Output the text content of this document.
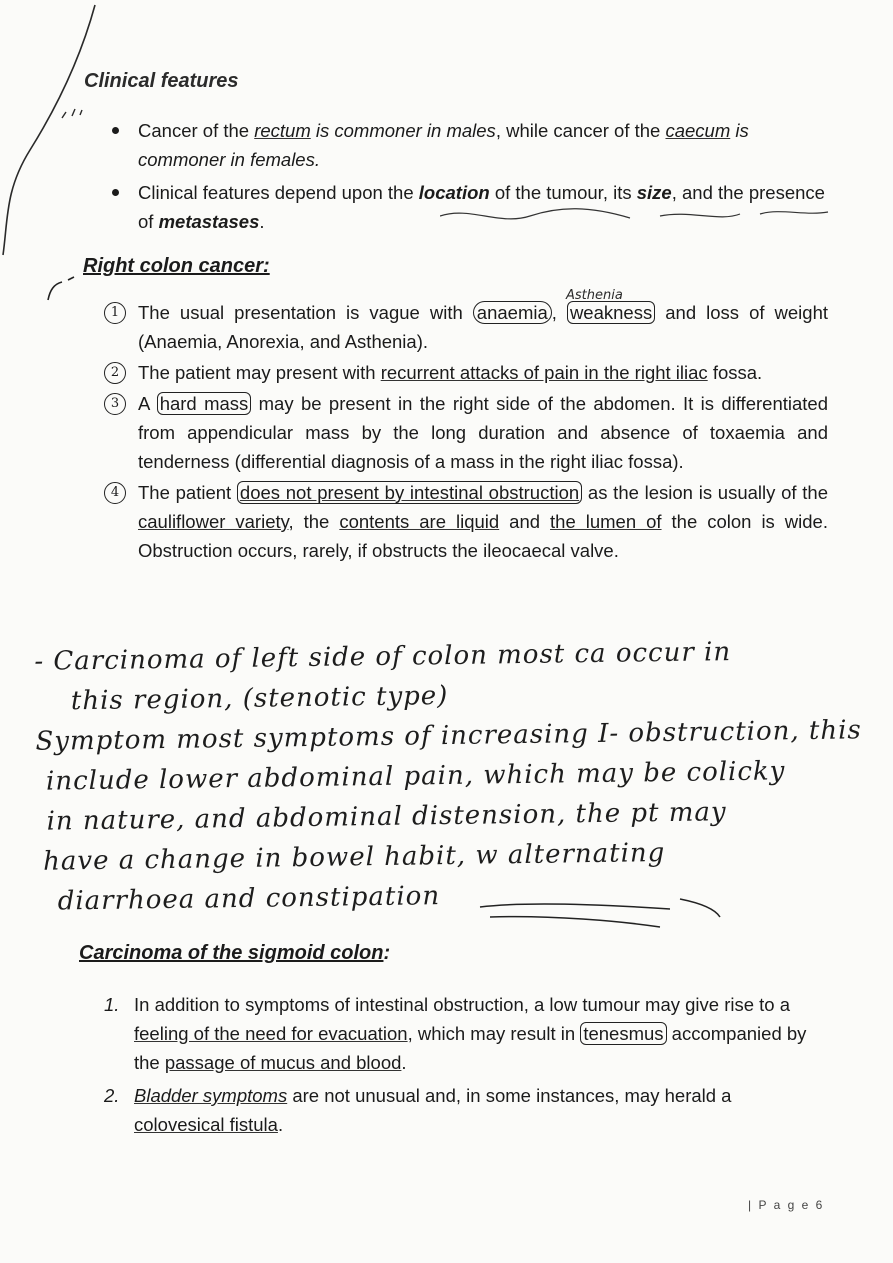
Clinical features
Cancer of the rectum is commoner in males, while cancer of the caecum is commoner in females.
Clinical features depend upon the location of the tumour, its size, and the presence of metastases.
Right colon cancer:
Asthenia
1	The usual presentation is vague with anaemia , weakness and loss of weight (Anaemia, Anorexia, and Asthenia).
2	The patient may present with recurrent attacks of pain in the right iliac fossa.
3	A hard mass may be present in the right side of the abdomen. It is differentiated from appendicular mass by the long duration and absence of toxaemia and tenderness (differential diagnosis of a mass in the right iliac fossa).
4	The patient does not present by intestinal obstruction as the lesion is usually of the cauliflower variety, the contents are liquid and the lumen of the colon is wide. Obstruction occurs, rarely, if obstructs the ileocaecal valve.
- Carcinoma of left side of colon most ca occur in
this region, (stenotic type)
Symptom most symptoms of increasing I- obstruction, this
include lower abdominal pain, which may be colicky
in nature, and abdominal distension, the pt may
have a change in bowel habit, w alternating
diarrhoea and constipation
Carcinoma of the sigmoid colon:
1. In addition to symptoms of intestinal obstruction, a low tumour may give rise to a feeling of the need for evacuation, which may result in tenesmus accompanied by the passage of mucus and blood.
2. Bladder symptoms are not unusual and, in some instances, may herald a colovesical fistula.
| P a g e 6
